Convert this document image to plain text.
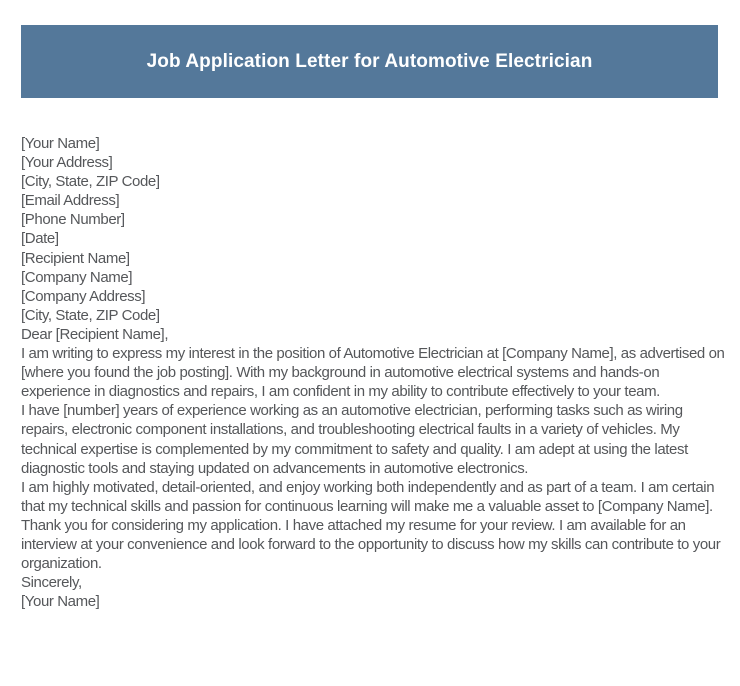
Job Application Letter for Automotive Electrician
[Your Name]
[Your Address]
[City, State, ZIP Code]
[Email Address]
[Phone Number]
[Date]
[Recipient Name]
[Company Name]
[Company Address]
[City, State, ZIP Code]
Dear [Recipient Name],

I am writing to express my interest in the position of Automotive Electrician at [Company Name], as advertised on [where you found the job posting]. With my background in automotive electrical systems and hands-on experience in diagnostics and repairs, I am confident in my ability to contribute effectively to your team.

I have [number] years of experience working as an automotive electrician, performing tasks such as wiring repairs, electronic component installations, and troubleshooting electrical faults in a variety of vehicles. My technical expertise is complemented by my commitment to safety and quality. I am adept at using the latest diagnostic tools and staying updated on advancements in automotive electronics.

I am highly motivated, detail-oriented, and enjoy working both independently and as part of a team. I am certain that my technical skills and passion for continuous learning will make me a valuable asset to [Company Name].

Thank you for considering my application. I have attached my resume for your review. I am available for an interview at your convenience and look forward to the opportunity to discuss how my skills can contribute to your organization.

Sincerely,
[Your Name]
